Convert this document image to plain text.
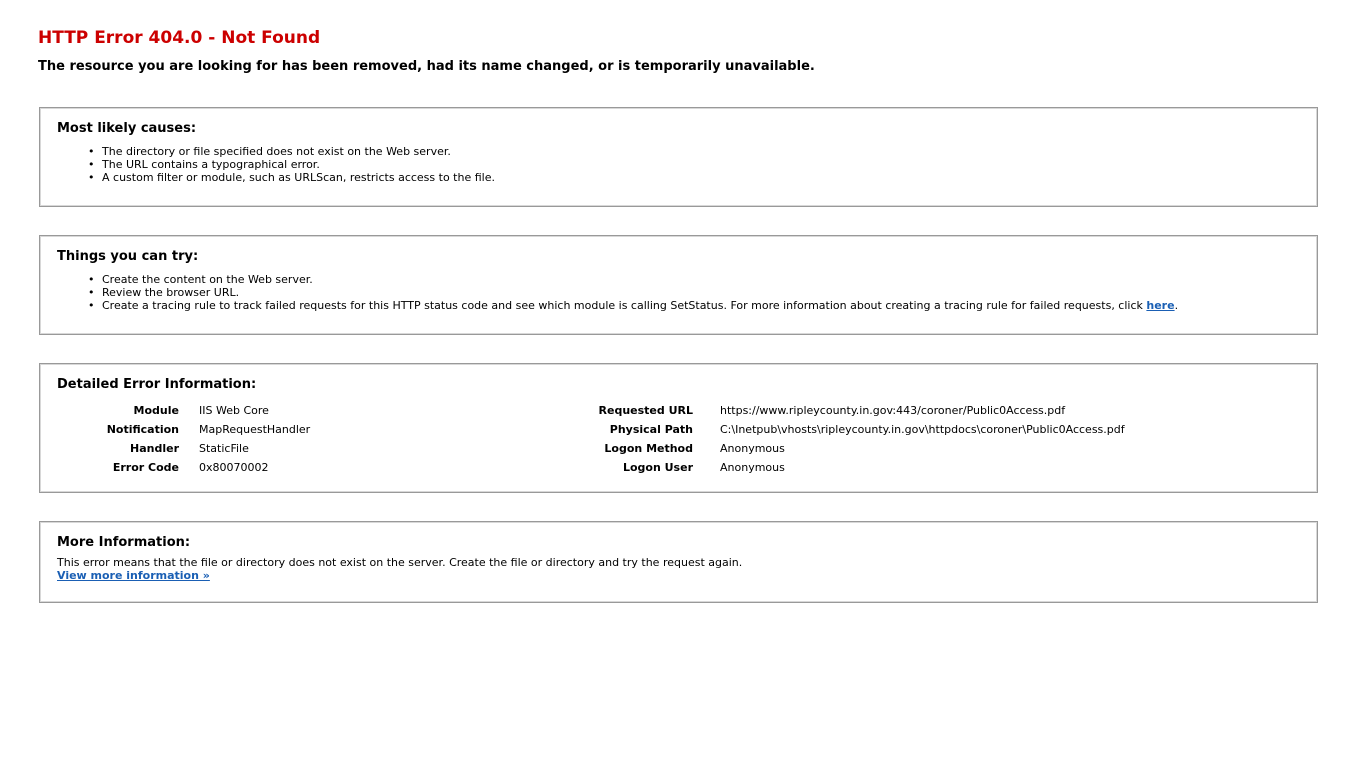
HTTP Error 404.0 - Not Found

The resource you are looking for has been removed, had its name changed, or is temporarily unavailable.

Most likely causes:
• The directory or file specified does not exist on the Web server.
• The URL contains a typographical error.
• A custom filter or module, such as URLScan, restricts access to the file.
Things you can try:
• Create the content on the Web server.
• Review the browser URL.
• Create a tracing rule to track failed requests for this HTTP status code and see which module is calling SetStatus. For more information about creating a tracing rule for failed requests, click here.
Detailed Error Information:
Module IIS Web Core	Requested URL https://www.ripleycounty.in.gov:443/coroner/Public0Access.pdf
Notification MapRequestHandler	Physical Path C:\Inetpub\vhosts\ripleycounty.in.gov\httpdocs\coroner\Public0Access.pdf
Handler StaticFile	Logon Method Anonymous
Error Code 0x80070002	Logon User Anonymous
More Information:

This error means that the file or directory does not exist on the server. Create the file or directory and try the request again.

View more information »
